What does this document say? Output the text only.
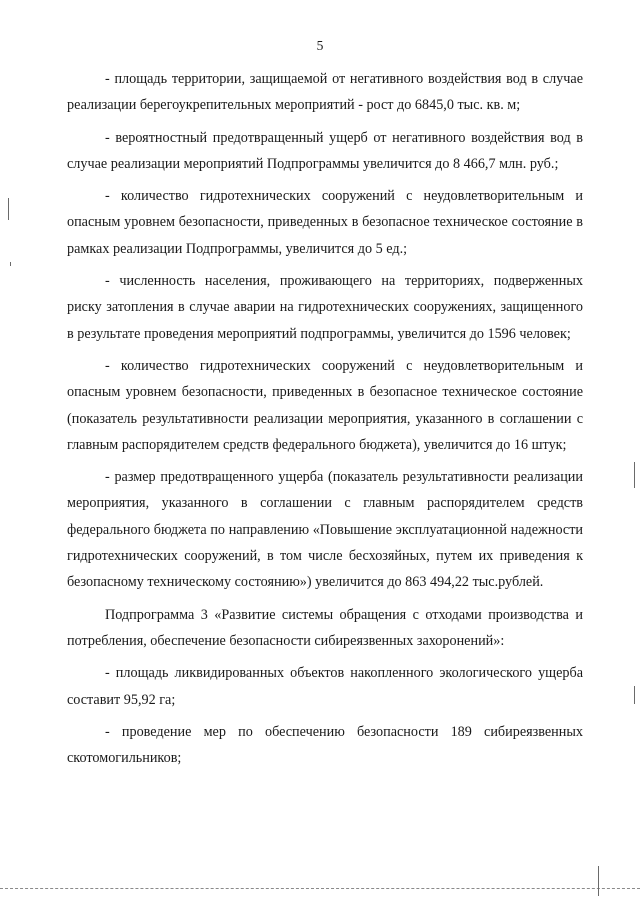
5

- площадь территории, защищаемой от негативного воздействия вод в случае реализации берегоукрепительных мероприятий - рост до 6845,0 тыс. кв. м;

- вероятностный предотвращенный ущерб от негативного воздействия вод в случае реализации мероприятий Подпрограммы увеличится до 8 466,7 млн. руб.;

- количество гидротехнических сооружений с неудовлетворительным и опасным уровнем безопасности, приведенных в безопасное техническое состояние в рамках реализации Подпрограммы, увеличится до 5 ед.;

- численность населения, проживающего на территориях, подверженных риску затопления в случае аварии на гидротехнических сооружениях, защищенного в результате проведения мероприятий подпрограммы, увеличится до 1596 человек;

- количество гидротехнических сооружений с неудовлетворительным и опасным уровнем безопасности, приведенных в безопасное техническое состояние (показатель результативности реализации мероприятия, указанного в соглашении с главным распорядителем средств федерального бюджета), увеличится до 16 штук;

- размер предотвращенного ущерба (показатель результативности реализации мероприятия, указанного в соглашении с главным распорядителем средств федерального бюджета по направлению «Повышение эксплуатационной надежности гидротехнических сооружений, в том числе бесхозяйных, путем их приведения к безопасному техническому состоянию») увеличится до 863 494,22 тыс.рублей.

Подпрограмма 3 «Развитие системы обращения с отходами производства и потребления, обеспечение безопасности сибиреязвенных захоронений»:

- площадь ликвидированных объектов накопленного экологического ущерба составит 95,92 га;

- проведение мер по обеспечению безопасности 189 сибиреязвенных скотомогильников;
